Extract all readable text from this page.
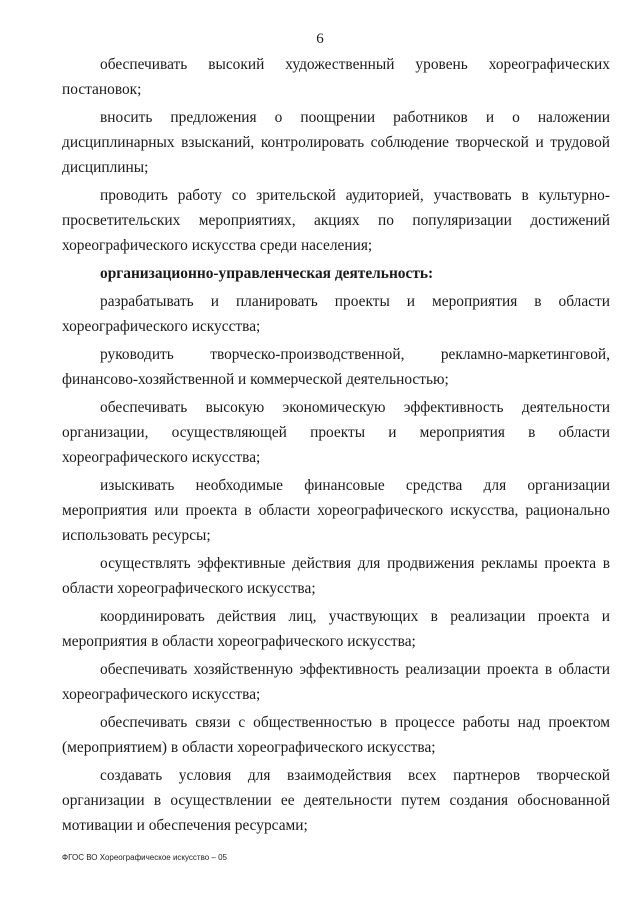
6

обеспечивать высокий художественный уровень хореографических постановок;

вносить предложения о поощрении работников и о наложении дисциплинарных взысканий, контролировать соблюдение творческой и трудовой дисциплины;

проводить работу со зрительской аудиторией, участвовать в культурно-просветительских мероприятиях, акциях по популяризации достижений хореографического искусства среди населения;

организационно-управленческая деятельность:

разрабатывать и планировать проекты и мероприятия в области хореографического искусства;

руководить творческо-производственной, рекламно-маркетинговой, финансово-хозяйственной и коммерческой деятельностью;

обеспечивать высокую экономическую эффективность деятельности организации, осуществляющей проекты и мероприятия в области хореографического искусства;

изыскивать необходимые финансовые средства для организации мероприятия или проекта в области хореографического искусства, рационально использовать ресурсы;

осуществлять эффективные действия для продвижения рекламы проекта в области хореографического искусства;

координировать действия лиц, участвующих в реализации проекта и мероприятия в области хореографического искусства;

обеспечивать хозяйственную эффективность реализации проекта в области хореографического искусства;

обеспечивать связи с общественностью в процессе работы над проектом (мероприятием) в области хореографического искусства;

создавать условия для взаимодействия всех партнеров творческой организации в осуществлении ее деятельности путем создания обоснованной мотивации и обеспечения ресурсами;

ФГОС ВО Хореографическое искусство – 05
